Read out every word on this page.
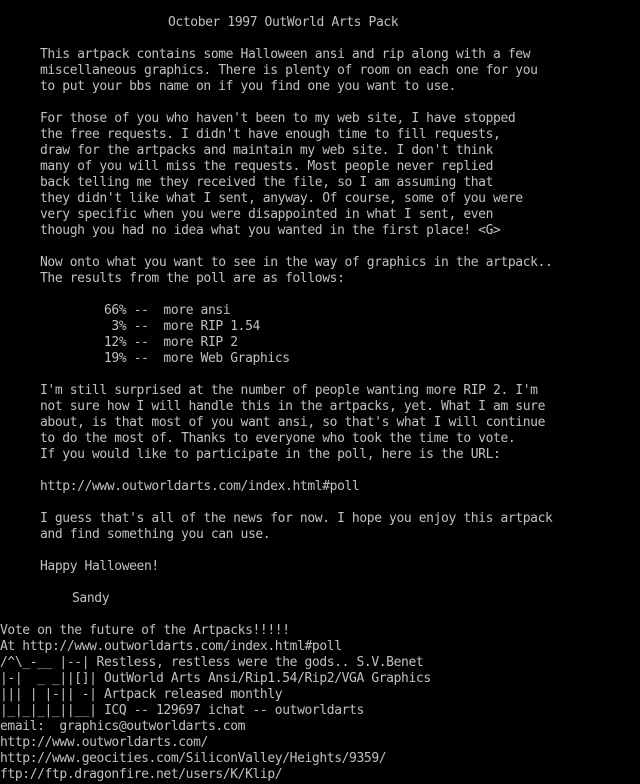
October 1997 OutWorld Arts Pack
This artpack contains some Halloween ansi and rip along with a few
miscellaneous graphics. There is plenty of room on each one for you
to put your bbs name on if you find one you want to use.
For those of you who haven't been to my web site, I have stopped
the free requests. I didn't have enough time to fill requests,
draw for the artpacks and maintain my web site. I don't think
many of you will miss the requests. Most people never replied
back telling me they received the file, so I am assuming that
they didn't like what I sent, anyway. Of course, some of you were
very specific when you were disappointed in what I sent, even
though you had no idea what you wanted in the first place! <G>
Now onto what you want to see in the way of graphics in the artpack..
The results from the poll are as follows:
66% --  more ansi
3% --  more RIP 1.54
12% --  more RIP 2
19% --  more Web Graphics
I'm still surprised at the number of people wanting more RIP 2. I'm
not sure how I will handle this in the artpacks, yet. What I am sure
about, is that most of you want ansi, so that's what I will continue
to do the most of. Thanks to everyone who took the time to vote.
If you would like to participate in the poll, here is the URL:
http://www.outworldarts.com/index.html#poll
I guess that's all of the news for now. I hope you enjoy this artpack
and find something you can use.
Happy Halloween!
Sandy
Vote on the future of the Artpacks!!!!!
At http://www.outworldarts.com/index.html#poll
/^\_-__ |--| Restless, restless were the gods.. S.V.Benet
|-|  _ _||[]| OutWorld Arts Ansi/Rip1.54/Rip2/VGA Graphics
||| | |-|| -| Artpack released monthly
|_|_|_|_||__| ICQ -- 129697 ichat -- outworldarts
email:  graphics@outworldarts.com
http://www.outworldarts.com/
http://www.geocities.com/SiliconValley/Heights/9359/
ftp://ftp.dragonfire.net/users/K/Klip/
